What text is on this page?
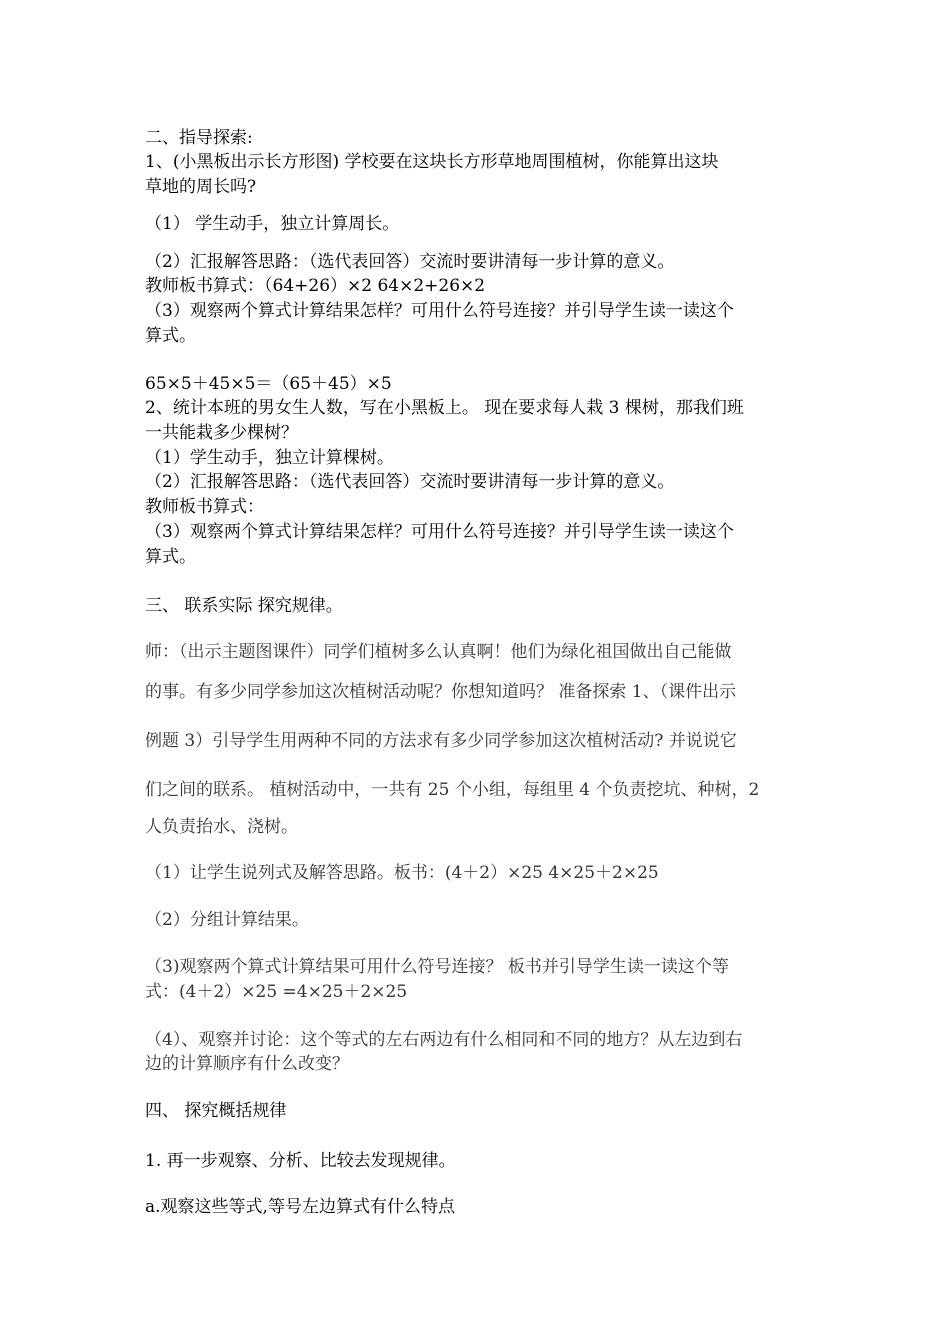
二、指导探索:

1、(小黑板出示长方形图) 学校要在这块长方形草地周围植树，你能算出这块

草地的周长吗?

（1） 学生动手，独立计算周长。

（2）汇报解答思路：（选代表回答）交流时要讲清每一步计算的意义。

教师板书算式：（64+26）×2 64×2+26×2

（3）观察两个算式计算结果怎样？可用什么符号连接？并引导学生读一读这个

算式。

65×5＋45×5＝（65＋45）×5

2、统计本班的男女生人数，写在小黑板上。 现在要求每人栽 3 棵树，那我们班

一共能栽多少棵树？

（1）学生动手，独立计算棵树。

（2）汇报解答思路：（选代表回答）交流时要讲清每一步计算的意义。

教师板书算式：

（3）观察两个算式计算结果怎样？可用什么符号连接？并引导学生读一读这个

算式。

三、 联系实际 探究规律。

师：（出示主题图课件）同学们植树多么认真啊！他们为绿化祖国做出自己能做

的事。有多少同学参加这次植树活动呢？你想知道吗？ 准备探索 1、（课件出示

例题 3）引导学生用两种不同的方法求有多少同学参加这次植树活动? 并说说它

们之间的联系。 植树活动中，一共有 25 个小组，每组里 4 个负责挖坑、种树，2

人负责抬水、浇树。

（1）让学生说列式及解答思路。板书：(4＋2）×25 4×25＋2×25

（2）分组计算结果。

（3)观察两个算式计算结果可用什么符号连接？ 板书并引导学生读一读这个等

式：(4＋2）×25 =4×25＋2×25

（4）、观察并讨论：这个等式的左右两边有什么相同和不同的地方？从左边到右

边的计算顺序有什么改变？

四、 探究概括规律

1. 再一步观察、分析、比较去发现规律。

a.观察这些等式,等号左边算式有什么特点
